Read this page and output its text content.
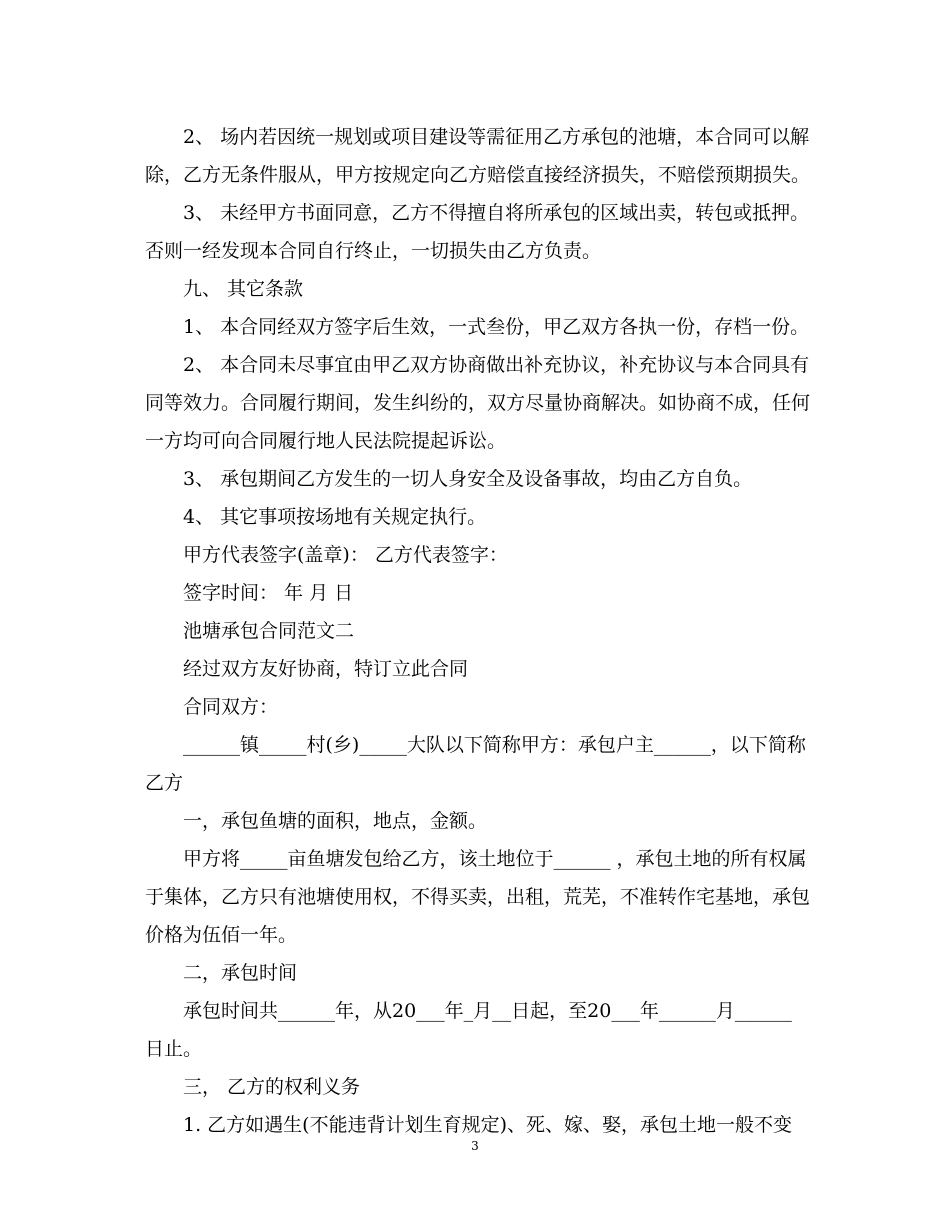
2、 场内若因统一规划或项目建设等需征用乙方承包的池塘，本合同可以解除，乙方无条件服从，甲方按规定向乙方赔偿直接经济损失，不赔偿预期损失。

3、 未经甲方书面同意，乙方不得擅自将所承包的区域出卖，转包或抵押。否则一经发现本合同自行终止，一切损失由乙方负责。

九、 其它条款

1、 本合同经双方签字后生效，一式叁份，甲乙双方各执一份，存档一份。

2、 本合同未尽事宜由甲乙双方协商做出补充协议，补充协议与本合同具有同等效力。合同履行期间，发生纠纷的，双方尽量协商解决。如协商不成，任何一方均可向合同履行地人民法院提起诉讼。

3、 承包期间乙方发生的一切人身安全及设备事故，均由乙方自负。

4、 其它事项按场地有关规定执行。

甲方代表签字(盖章)： 乙方代表签字：

签字时间： 年 月 日

池塘承包合同范文二

经过双方友好协商，特订立此合同

合同双方：

______镇_____村(乡)_____大队以下简称甲方：承包户主______，以下简称乙方

一，承包鱼塘的面积，地点，金额。

甲方将_____亩鱼塘发包给乙方，该土地位于______ ，承包土地的所有权属于集体，乙方只有池塘使用权，不得买卖，出租，荒芜，不准转作宅基地，承包价格为伍佰一年。

二，承包时间

承包时间共______年，从20___年_月__日起，至20___年______月______日止。

三， 乙方的权利义务

1. 乙方如遇生(不能违背计划生育规定)、死、嫁、娶，承包土地一般不变

3
